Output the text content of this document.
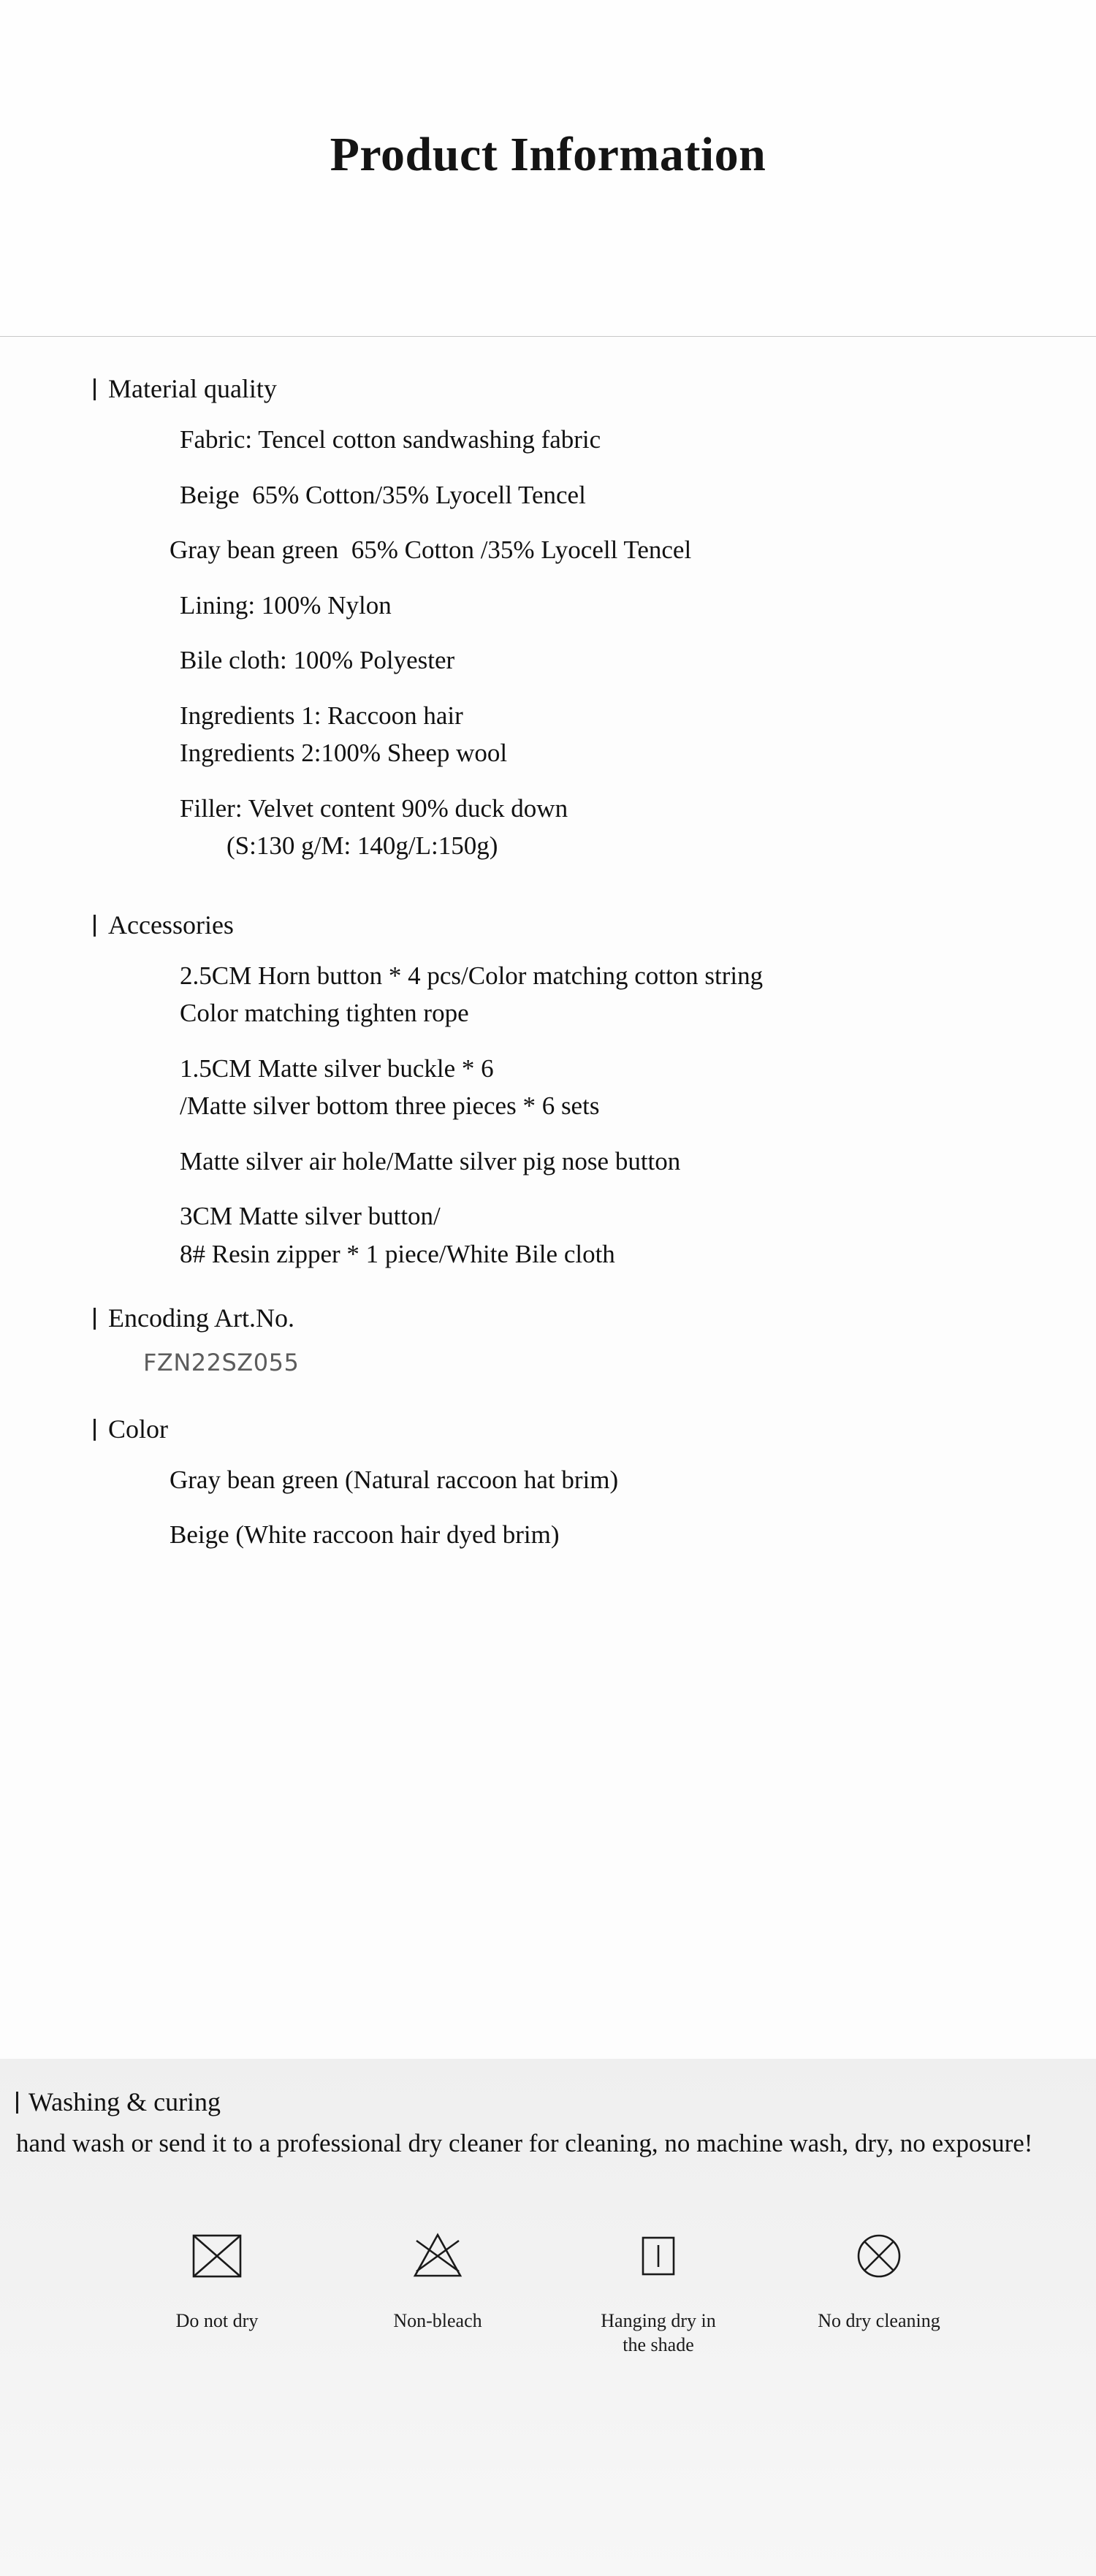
Product Information
Material quality
Fabric: Tencel cotton sandwashing fabric
Beige  65% Cotton/35% Lyocell Tencel
Gray bean green  65% Cotton /35% Lyocell Tencel
Lining: 100% Nylon
Bile cloth: 100% Polyester
Ingredients 1: Raccoon hair
Ingredients 2:100% Sheep wool
Filler: Velvet content 90% duck down
(S:130 g/M: 140g/L:150g)
Accessories
2.5CM Horn button * 4 pcs/Color matching cotton string
Color matching tighten rope
1.5CM Matte silver buckle * 6
/Matte silver bottom three pieces * 6 sets
Matte silver air hole/Matte silver pig nose button
3CM Matte silver button/
8# Resin zipper * 1 piece/White Bile cloth
Encoding Art.No.
FZN22SZ055
Color
Gray bean green (Natural raccoon hat brim)
Beige (White raccoon hair dyed brim)
Washing & curing
hand wash or send it to a professional dry cleaner for cleaning, no machine wash, dry, no exposure!
Do not dry	Non-bleach	Hanging dry in the shade
No dry cleaning
